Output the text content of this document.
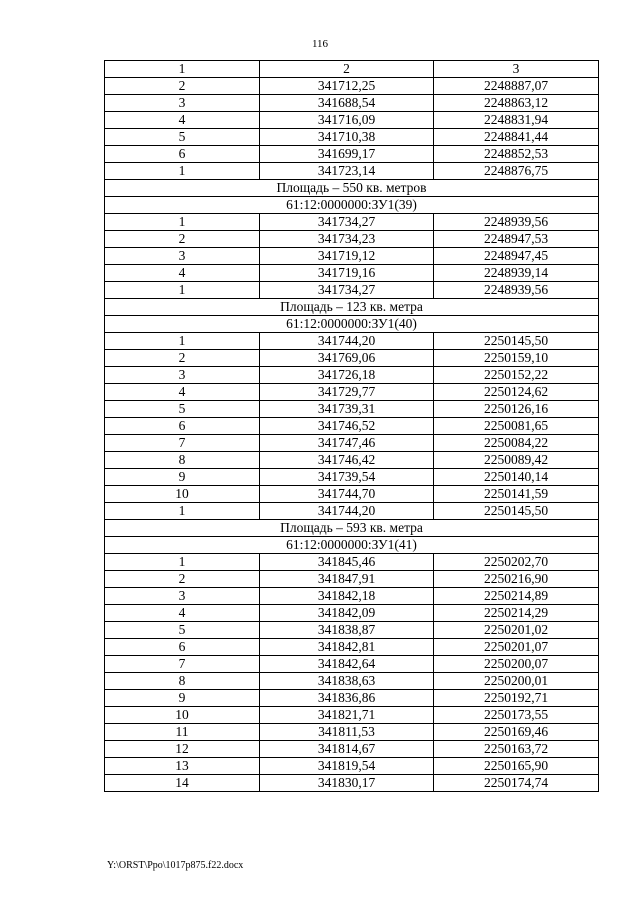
116
1	2	3
2	341712,25	2248887,07
3	341688,54	2248863,12
4	341716,09	2248831,94
5	341710,38	2248841,44
6	341699,17	2248852,53
1	341723,14	2248876,75
Площадь – 550 кв. метров		
61:12:0000000:ЗУ1(39)		
1	341734,27	2248939,56
2	341734,23	2248947,53
3	341719,12	2248947,45
4	341719,16	2248939,14
1	341734,27	2248939,56
Площадь – 123 кв. метра		
61:12:0000000:ЗУ1(40)		
1	341744,20	2250145,50
2	341769,06	2250159,10
3	341726,18	2250152,22
4	341729,77	2250124,62
5	341739,31	2250126,16
6	341746,52	2250081,65
7	341747,46	2250084,22
8	341746,42	2250089,42
9	341739,54	2250140,14
10	341744,70	2250141,59
1	341744,20	2250145,50
Площадь – 593 кв. метра		
61:12:0000000:ЗУ1(41)		
1	341845,46	2250202,70
2	341847,91	2250216,90
3	341842,18	2250214,89
4	341842,09	2250214,29
5	341838,87	2250201,02
6	341842,81	2250201,07
7	341842,64	2250200,07
8	341838,63	2250200,01
9	341836,86	2250192,71
10	341821,71	2250173,55
11	341811,53	2250169,46
12	341814,67	2250163,72
13	341819,54	2250165,90
14	341830,17	2250174,74
Y:\ORST\Ppo\1017p875.f22.docx
